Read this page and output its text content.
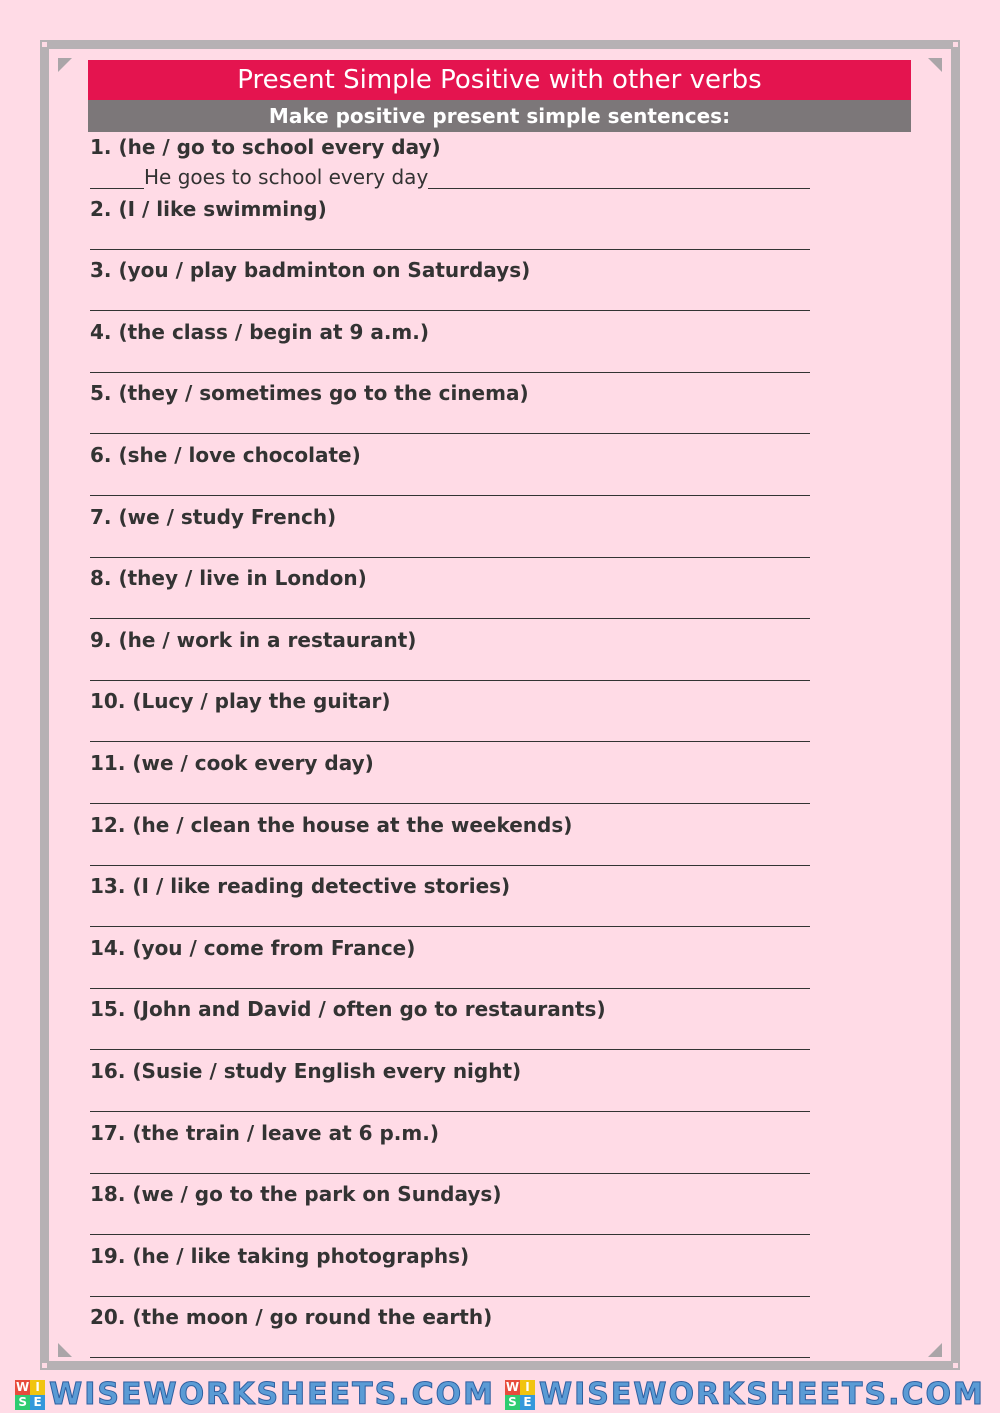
Present Simple Positive with other verbs
Make positive present simple sentences:
1. (he / go to school every day)
2. (I / like swimming)
3. (you / play badminton on Saturdays)
4. (the class / begin at 9 a.m.)
5. (they / sometimes go to the cinema)
6. (she / love chocolate)
7. (we / study French)
8. (they / live in London)
9. (he / work in a restaurant)
10. (Lucy / play the guitar)
11. (we / cook every day)
12. (he / clean the house at the weekends)
13. (I / like reading detective stories)
14. (you / come from France)
15. (John and David / often go to restaurants)
16. (Susie / study English every night)
17. (the train / leave at 6 p.m.)
18. (we / go to the park on Sundays)
19. (he / like taking photographs)
20. (the moon / go round the earth)
He goes to school every day
W I
S E WISEWORKSHEETS.COM W I
S E WISEWORKSHEETS.COM
